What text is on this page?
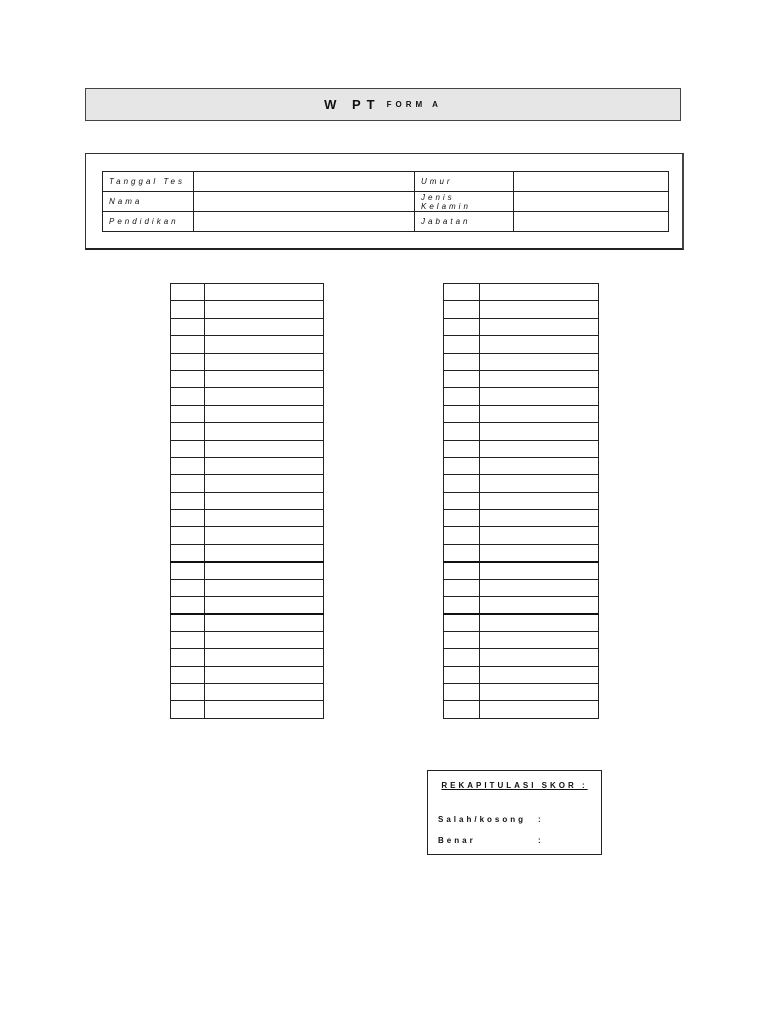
W PT FORM A
Tanggal Tes		Umur	
Nama		Jenis Kelamin	
Pendidikan		Jabatan	

REKAPITULASI SKOR :
Salah/kosong :
Benar	:
